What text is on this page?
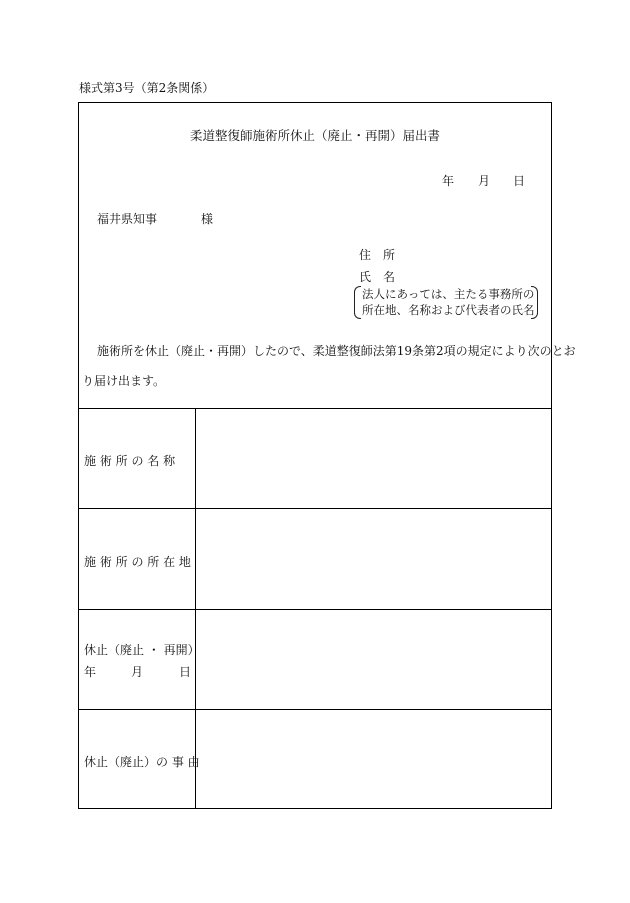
様式第3号（第2条関係）
柔道整復師施術所休止（廃止・再開）届出書
年 月 日
福井県知事	様
住　所
氏　名
法人にあっては、主たる事務所の
所在地、名称および代表者の氏名
施術所を休止（廃止・再開）したので、柔道整復師法第19条第2項の規定により次のとお
り届け出ます。
施 術 所 の 名 称
施 術 所 の 所 在 地
休止（廃止 ・ 再開）
年	月	日
休止（廃止）の 事 由
